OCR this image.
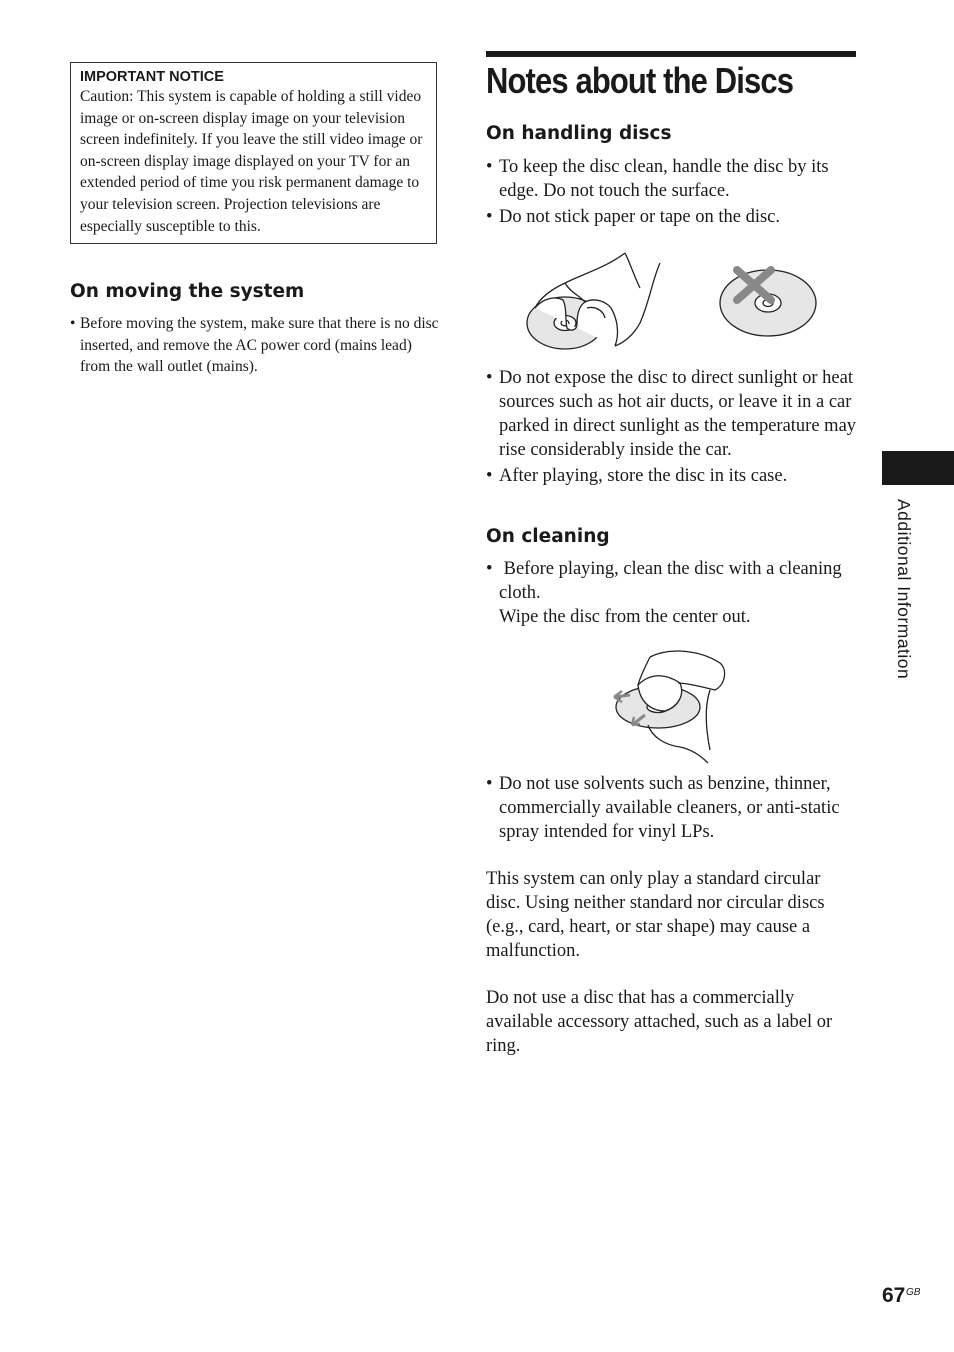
IMPORTANT NOTICE

Caution: This system is capable of holding a still video image or on-screen display image on your television screen indefinitely. If you leave the still video image or on-screen display image displayed on your TV for an extended period of time you risk permanent damage to your television screen. Projection televisions are especially susceptible to this.

On moving the system
• Before moving the system, make sure that there is no disc inserted, and remove the AC power cord (mains lead) from the wall outlet (mains).
Notes about the Discs
On handling discs
• To keep the disc clean, handle the disc by its edge. Do not touch the surface.
• Do not stick paper or tape on the disc.
• Do not expose the disc to direct sunlight or heat sources such as hot air ducts, or leave it in a car parked in direct sunlight as the temperature may rise considerably inside the car.
• After playing, store the disc in its case.
On cleaning
• Before playing, clean the disc with a cleaning cloth.
Wipe the disc from the center out.
• Do not use solvents such as benzine, thinner, commercially available cleaners, or anti-static spray intended for vinyl LPs.

This system can only play a standard circular disc. Using neither standard nor circular discs (e.g., card, heart, or star shape) may cause a malfunction.

Do not use a disc that has a commercially available accessory attached, such as a label or ring.

Additional Information

67 GB
